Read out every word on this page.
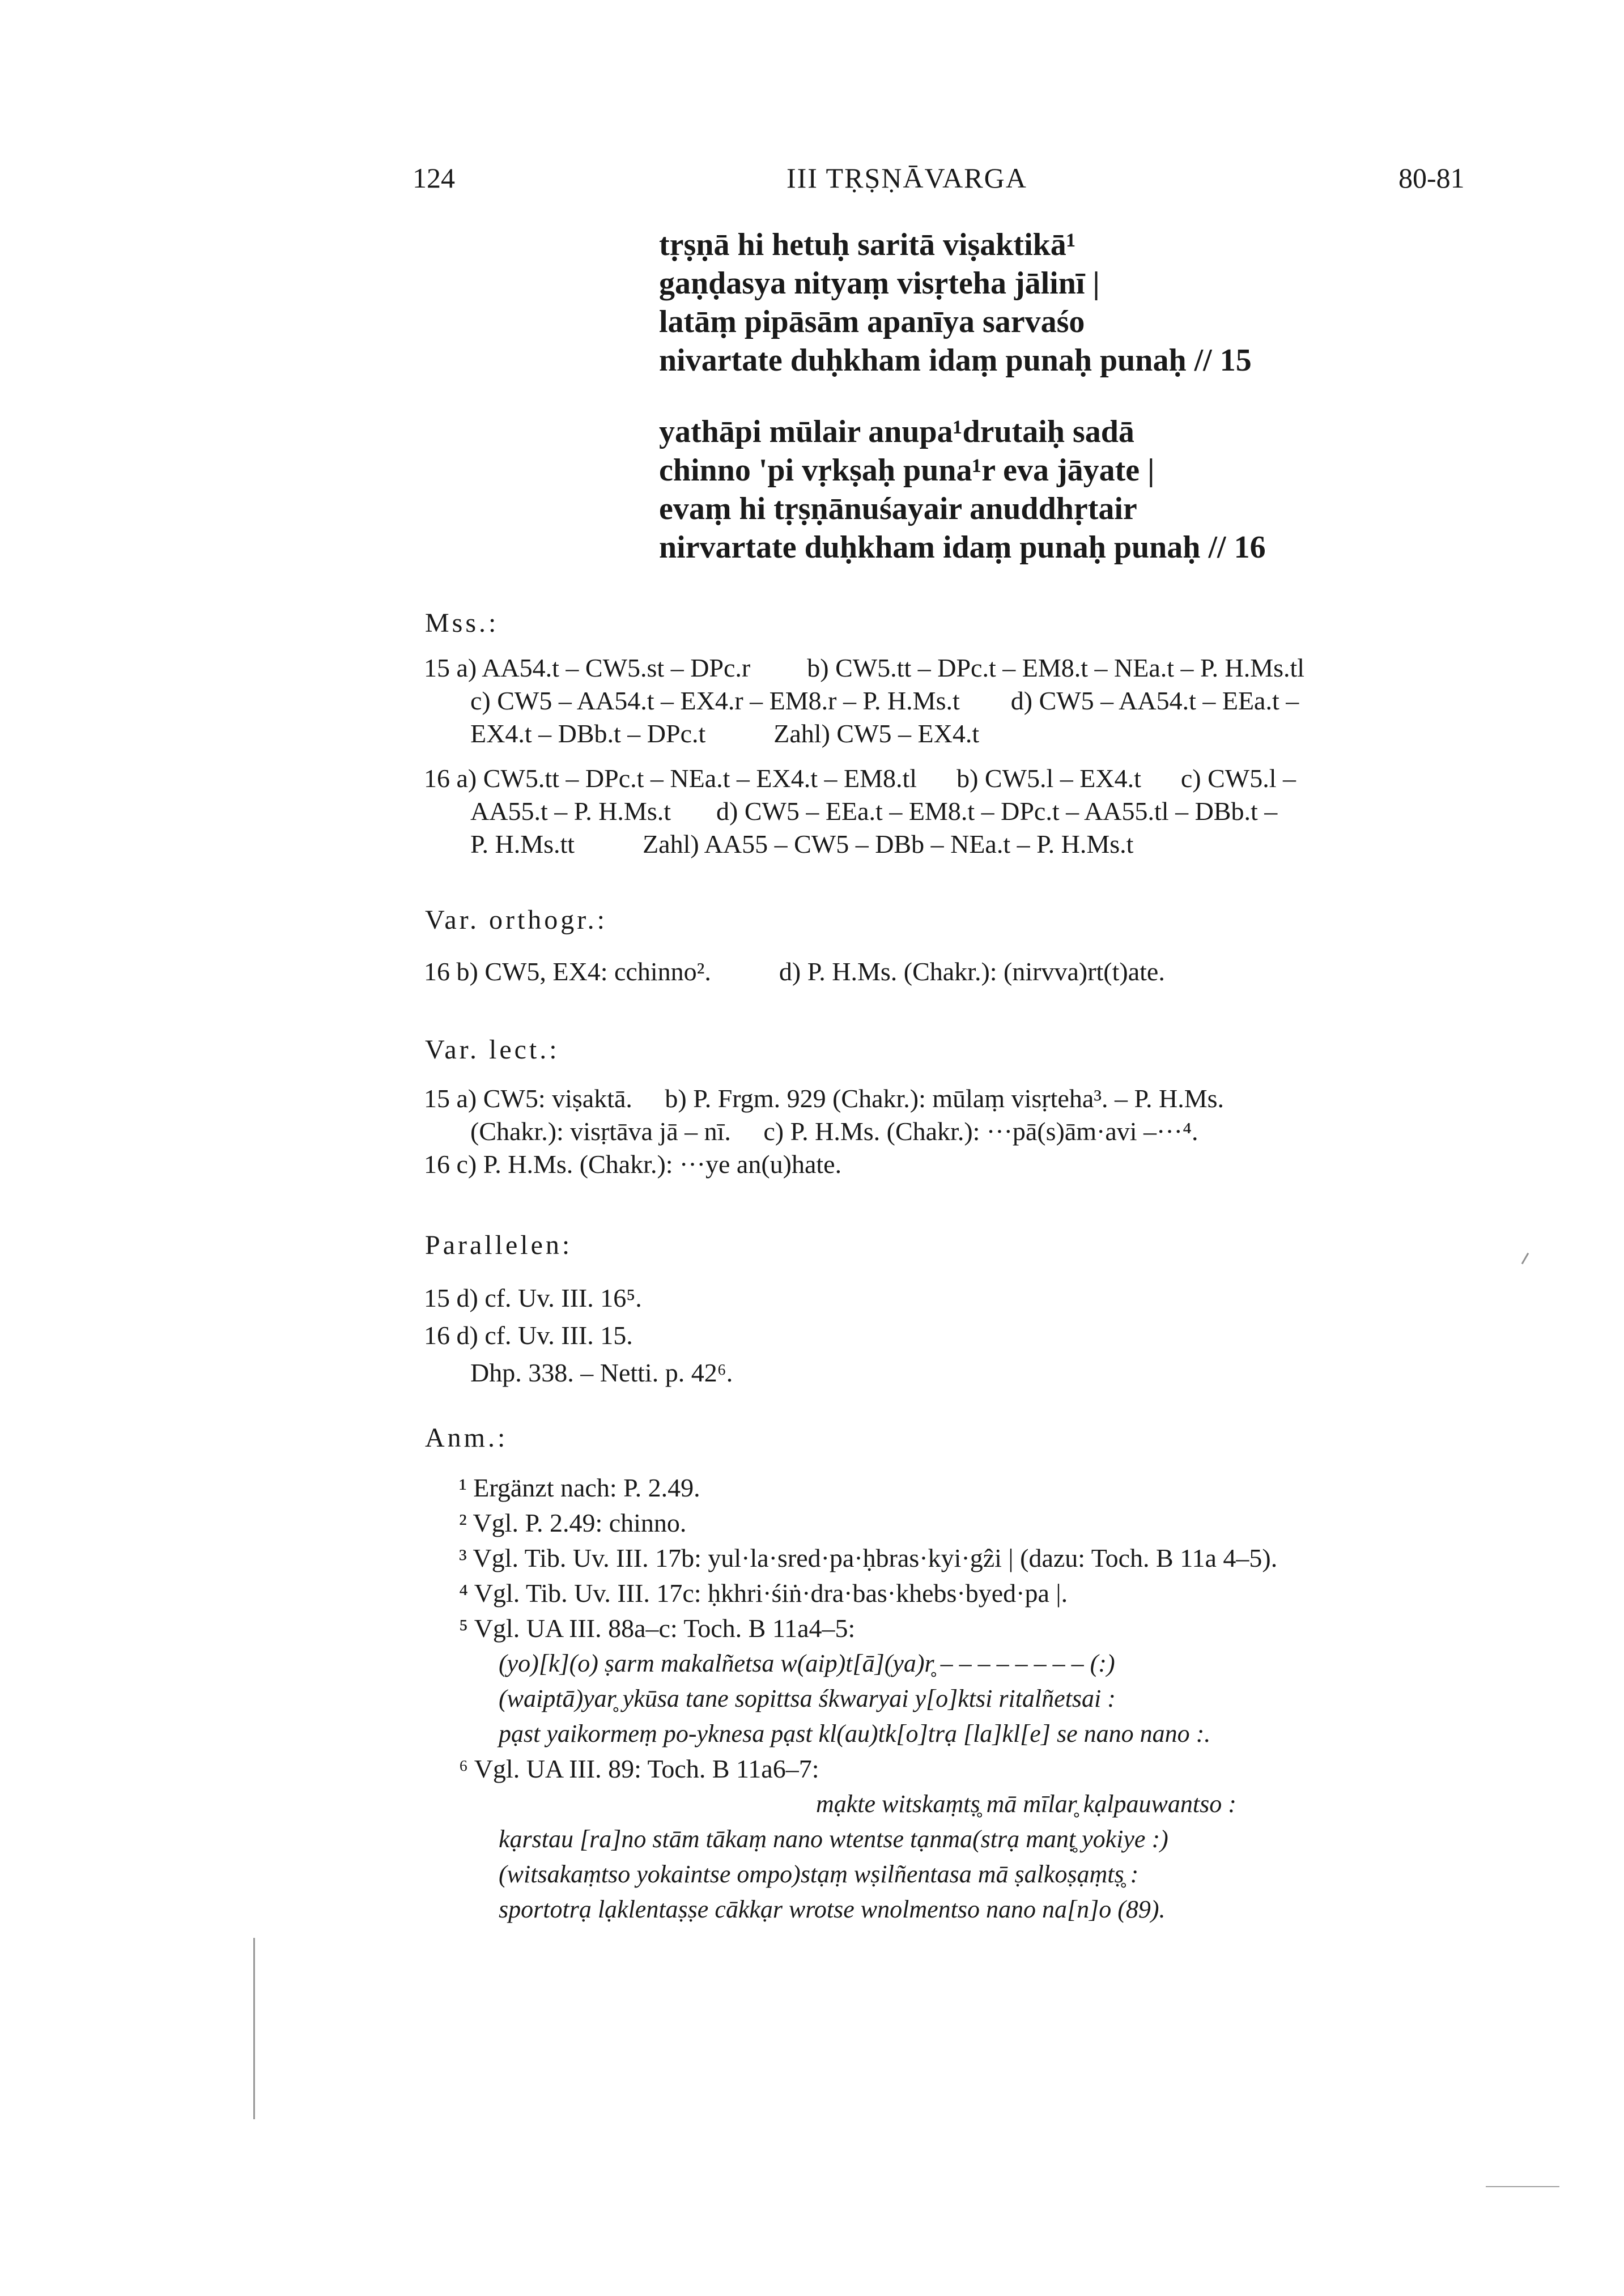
124	III TṚṢṆĀVARGA	80-81
tṛṣṇā hi hetuḥ saritā viṣaktikā¹
gaṇḍasya nityaṃ visṛteha jālinī |
latāṃ pipāsām apanīya sarvaśo
nivartate duḥkham idaṃ punaḥ punaḥ // 15
yathāpi mūlair anupa¹drutaiḥ sadā
chinno 'pi vṛkṣaḥ puna¹r eva jāyate |
evaṃ hi tṛṣṇānuśayair anuddhṛtair
nirvartate duḥkham idaṃ punaḥ punaḥ // 16
Mss.:
15 a) AA54.t – CW5.st – DPc.r b) CW5.tt – DPc.t – EM8.t – NEa.t – P. H.Ms.tl
c) CW5 – AA54.t – EX4.r – EM8.r – P. H.Ms.t d) CW5 – AA54.t – EEa.t –
EX4.t – DBb.t – DPc.t	Zahl) CW5 – EX4.t
16 a) CW5.tt – DPc.t – NEa.t – EX4.t – EM8.tl b) CW5.l – EX4.t c) CW5.l –
AA55.t – P. H.Ms.t d) CW5 – EEa.t – EM8.t – DPc.t – AA55.tl – DBb.t –
P. H.Ms.tt	Zahl) AA55 – CW5 – DBb – NEa.t – P. H.Ms.t
Var. orthogr.:
16 b) CW5, EX4: cchinno².	d) P. H.Ms. (Chakr.): (nirvva)rt(t)ate.
Var. lect.:
15 a) CW5: viṣaktā.     b) P. Frgm. 929 (Chakr.): mūlaṃ visṛteha³. – P. H.Ms.
(Chakr.): visṛtāva jā – nī.     c) P. H.Ms. (Chakr.): ···pā(s)ām·avi –···⁴.
16 c) P. H.Ms. (Chakr.): ···ye an(u)hate.
Parallelen:
15 d) cf. Uv. III. 16⁵.
16 d) cf. Uv. III. 15.
Dhp. 338. – Netti. p. 42⁶.
Anm.:
¹ Ergänzt nach: P. 2.49.
² Vgl. P. 2.49: chinno.
³ Vgl. Tib. Uv. III. 17b: yul·la·sred·pa·ḥbras·kyi·gẑi | (dazu: Toch. B 11a 4–5).
⁴ Vgl. Tib. Uv. III. 17c: ḥkhri·śiṅ·dra·bas·khebs·byed·pa |.
⁵ Vgl. UA III. 88a–c: Toch. B 11a4–5:
(yo)[k](o) ṣarm makalñetsa w(aip)t[ā](ya)r̥ – – – – – – – – (:)
(waiptā)yar̥ ykūsa tane sopittsa śkwaryai y[o]ktsi ritalñetsai :
pạst yaikormeṃ po-yknesa pạst kl(au)tk[o]trạ [la]kl[e] se nano nano :.
⁶ Vgl. UA III. 89: Toch. B 11a6–7:
mạkte witskaṃtṣ̥ mā mīlar̥ kạlpauwantso :
kạrstau [ra]no stām tākaṃ nano wtentse tạnma(strạ manṭ̥ yokiye :)
(witsakaṃtso yokaintse ompo)stạṃ wṣilñentasa mā ṣalkoṣạṃtṣ̥ :
sportotrạ lạklentaṣṣe cākkạr wrotse wnolmentso nano na[n]o (89).
